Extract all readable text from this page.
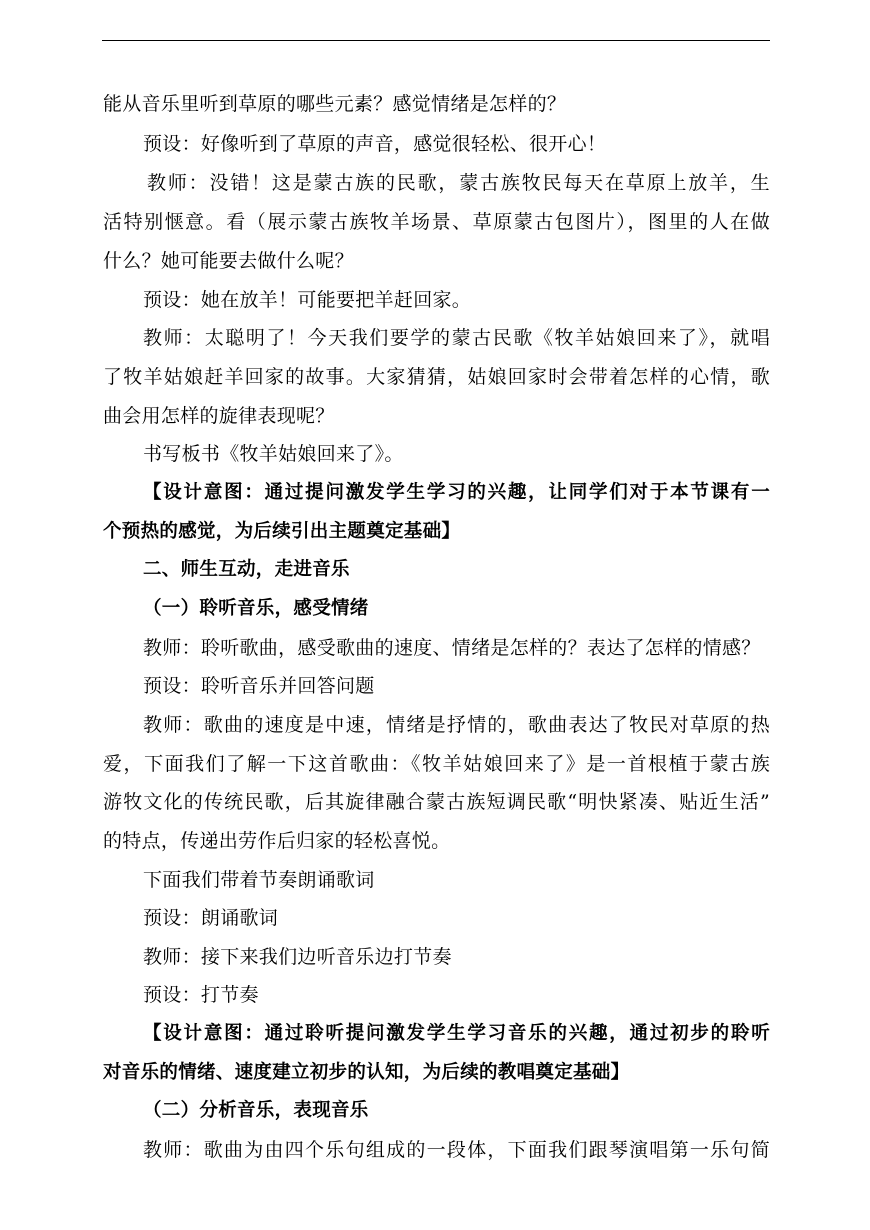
能从音乐里听到草原的哪些元素？感觉情绪是怎样的？
预设：好像听到了草原的声音，感觉很轻松、很开心！
教师：没错！这是蒙古族的民歌，蒙古族牧民每天在草原上放羊，生
活特别惬意。看（展示蒙古族牧羊场景、草原蒙古包图片），图里的人在做
什么？她可能要去做什么呢？
预设：她在放羊！可能要把羊赶回家。
教师：太聪明了！今天我们要学的蒙古民歌《牧羊姑娘回来了》，就唱
了牧羊姑娘赶羊回家的故事。大家猜猜，姑娘回家时会带着怎样的心情，歌
曲会用怎样的旋律表现呢？
书写板书《牧羊姑娘回来了》。
【设计意图：通过提问激发学生学习的兴趣，让同学们对于本节课有一
个预热的感觉，为后续引出主题奠定基础】
二、师生互动，走进音乐
（一）聆听音乐，感受情绪
教师：聆听歌曲，感受歌曲的速度、情绪是怎样的？表达了怎样的情感？
预设：聆听音乐并回答问题
教师：歌曲的速度是中速，情绪是抒情的，歌曲表达了牧民对草原的热
爱，下面我们了解一下这首歌曲：《牧羊姑娘回来了》是一首根植于蒙古族
游牧文化的传统民歌，后其旋律融合蒙古族短调民歌“明快紧凑、贴近生活”
的特点，传递出劳作后归家的轻松喜悦。
下面我们带着节奏朗诵歌词
预设：朗诵歌词
教师：接下来我们边听音乐边打节奏
预设：打节奏
【设计意图：通过聆听提问激发学生学习音乐的兴趣，通过初步的聆听
对音乐的情绪、速度建立初步的认知，为后续的教唱奠定基础】
（二）分析音乐，表现音乐
教师：歌曲为由四个乐句组成的一段体，下面我们跟琴演唱第一乐句简
